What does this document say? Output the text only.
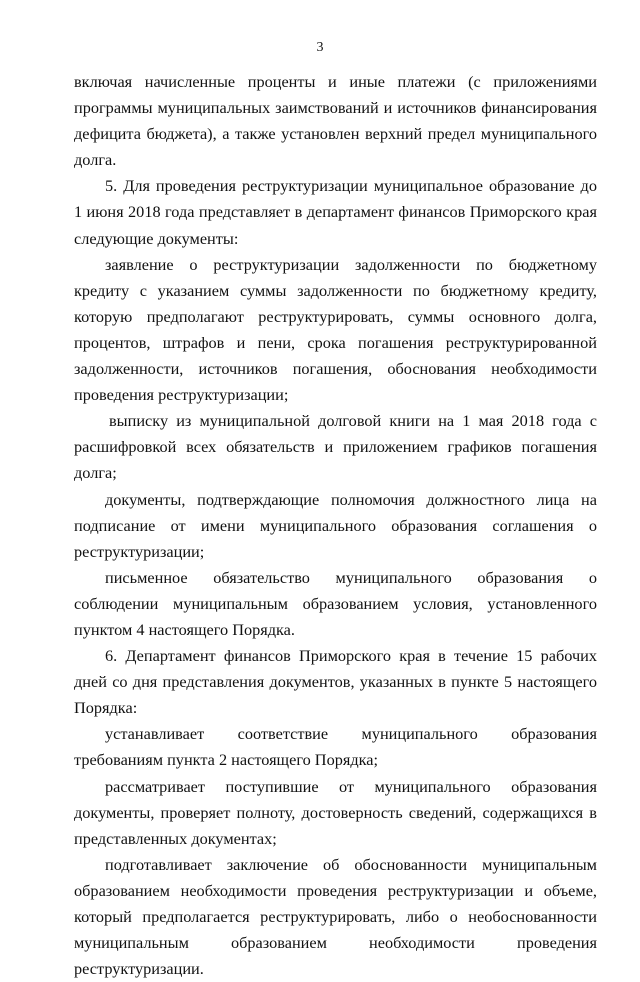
3

включая начисленные проценты и иные платежи (с приложениями программы муниципальных заимствований и источников финансирования дефицита бюджета), а также установлен верхний предел муниципального долга.

5. Для проведения реструктуризации муниципальное образование до 1 июня 2018 года представляет в департамент финансов Приморского края следующие документы:

заявление о реструктуризации задолженности по бюджетному кредиту с указанием суммы задолженности по бюджетному кредиту, которую предполагают реструктурировать, суммы основного долга, процентов, штрафов и пени, срока погашения реструктурированной задолженности, источников погашения, обоснования необходимости проведения реструктуризации;

выписку из муниципальной долговой книги на 1 мая 2018 года с расшифровкой всех обязательств и приложением графиков погашения долга;

документы, подтверждающие полномочия должностного лица на подписание от имени муниципального образования соглашения о реструктуризации;

письменное обязательство муниципального образования о соблюдении муниципальным образованием условия, установленного пунктом 4 настоящего Порядка.

6. Департамент финансов Приморского края в течение 15 рабочих дней со дня представления документов, указанных в пункте 5 настоящего Порядка:

устанавливает соответствие муниципального образования требованиям пункта 2 настоящего Порядка;

рассматривает поступившие от муниципального образования документы, проверяет полноту, достоверность сведений, содержащихся в представленных документах;

подготавливает заключение об обоснованности муниципальным образованием необходимости проведения реструктуризации и объеме, который предполагается реструктурировать, либо о необоснованности муниципальным образованием необходимости проведения реструктуризации.
